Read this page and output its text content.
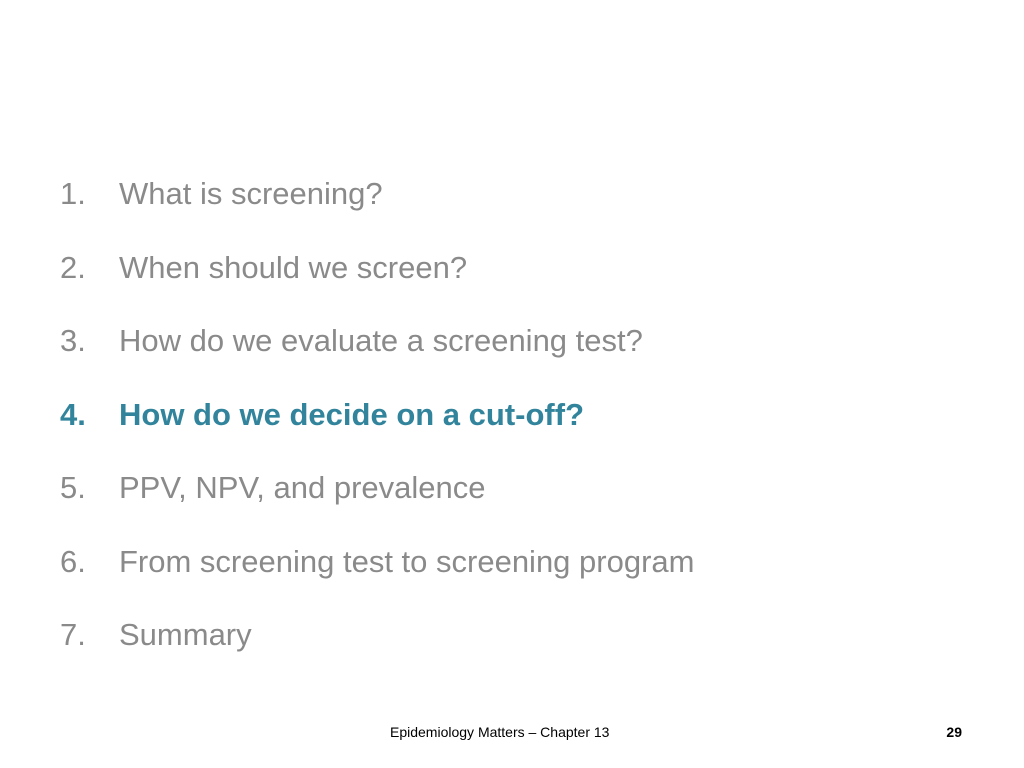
1.	What is screening?
2.	When should we screen?
3.	How do we evaluate a screening test?
4.	How do we decide on a cut-off?
5.	PPV, NPV, and prevalence
6.	From screening test to screening program
7.	Summary
Epidemiology Matters – Chapter 13	29
